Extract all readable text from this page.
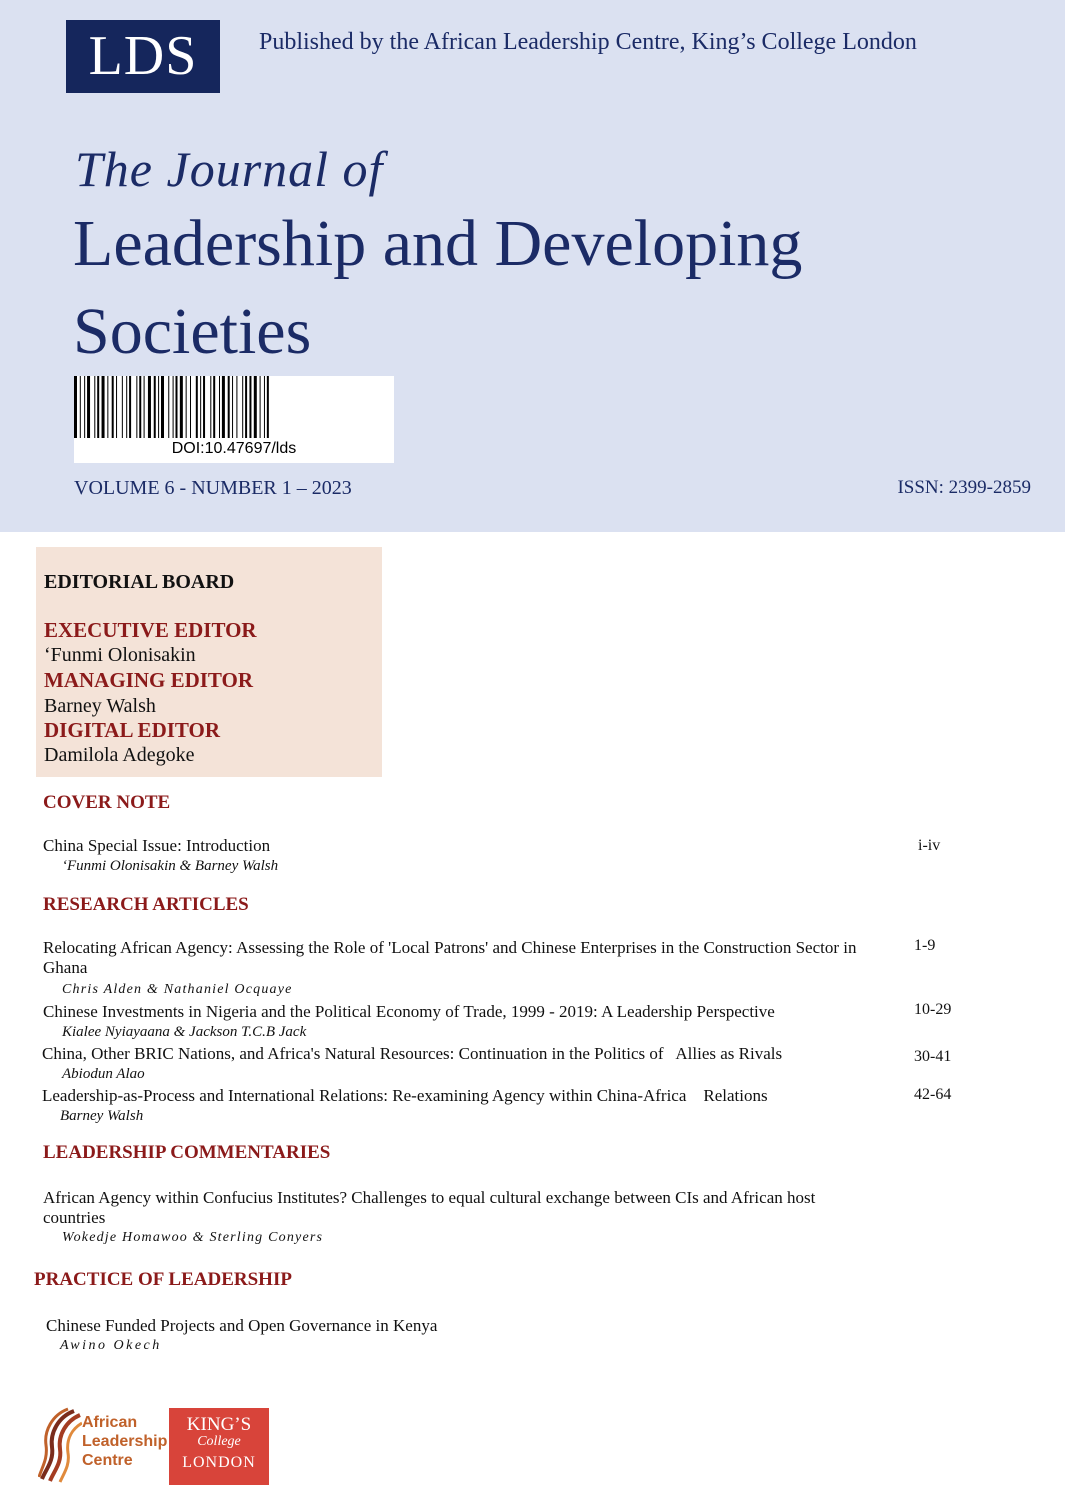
LDS	Published by the African Leadership Centre, King’s College London
The Journal of
Leadership and Developing Societies
DOI:10.47697/lds
VOLUME 6 - NUMBER 1 – 2023	ISSN: 2399-2859
EDITORIAL BOARD
EXECUTIVE EDITOR
‘Funmi Olonisakin
MANAGING EDITOR
Barney Walsh
DIGITAL EDITOR
Damilola Adegoke
COVER NOTE
China Special Issue: Introduction
‘Funmi Olonisakin & Barney Walsh
i-iv
RESEARCH ARTICLES
Relocating African Agency: Assessing the Role of 'Local Patrons' and Chinese Enterprises in the Construction Sector in Ghana
Chris Alden & Nathaniel Ocquaye
1-9
Chinese Investments in Nigeria and the Political Economy of Trade, 1999 - 2019: A Leadership Perspective
Kialee Nyiayaana & Jackson T.C.B Jack
10-29
China, Other BRIC Nations, and Africa's Natural Resources: Continuation in the Politics of   Allies as Rivals
Abiodun Alao
30-41
Leadership-as-Process and International Relations: Re-examining Agency within China-Africa    Relations
Barney Walsh
42-64
LEADERSHIP COMMENTARIES
African Agency within Confucius Institutes? Challenges to equal cultural exchange between CIs and African host countries
Wokedje Homawoo & Sterling Conyers
PRACTICE OF LEADERSHIP
Chinese Funded Projects and Open Governance in Kenya
Awino Okech
African
Leadership
Centre
KING’S
College
LONDON
